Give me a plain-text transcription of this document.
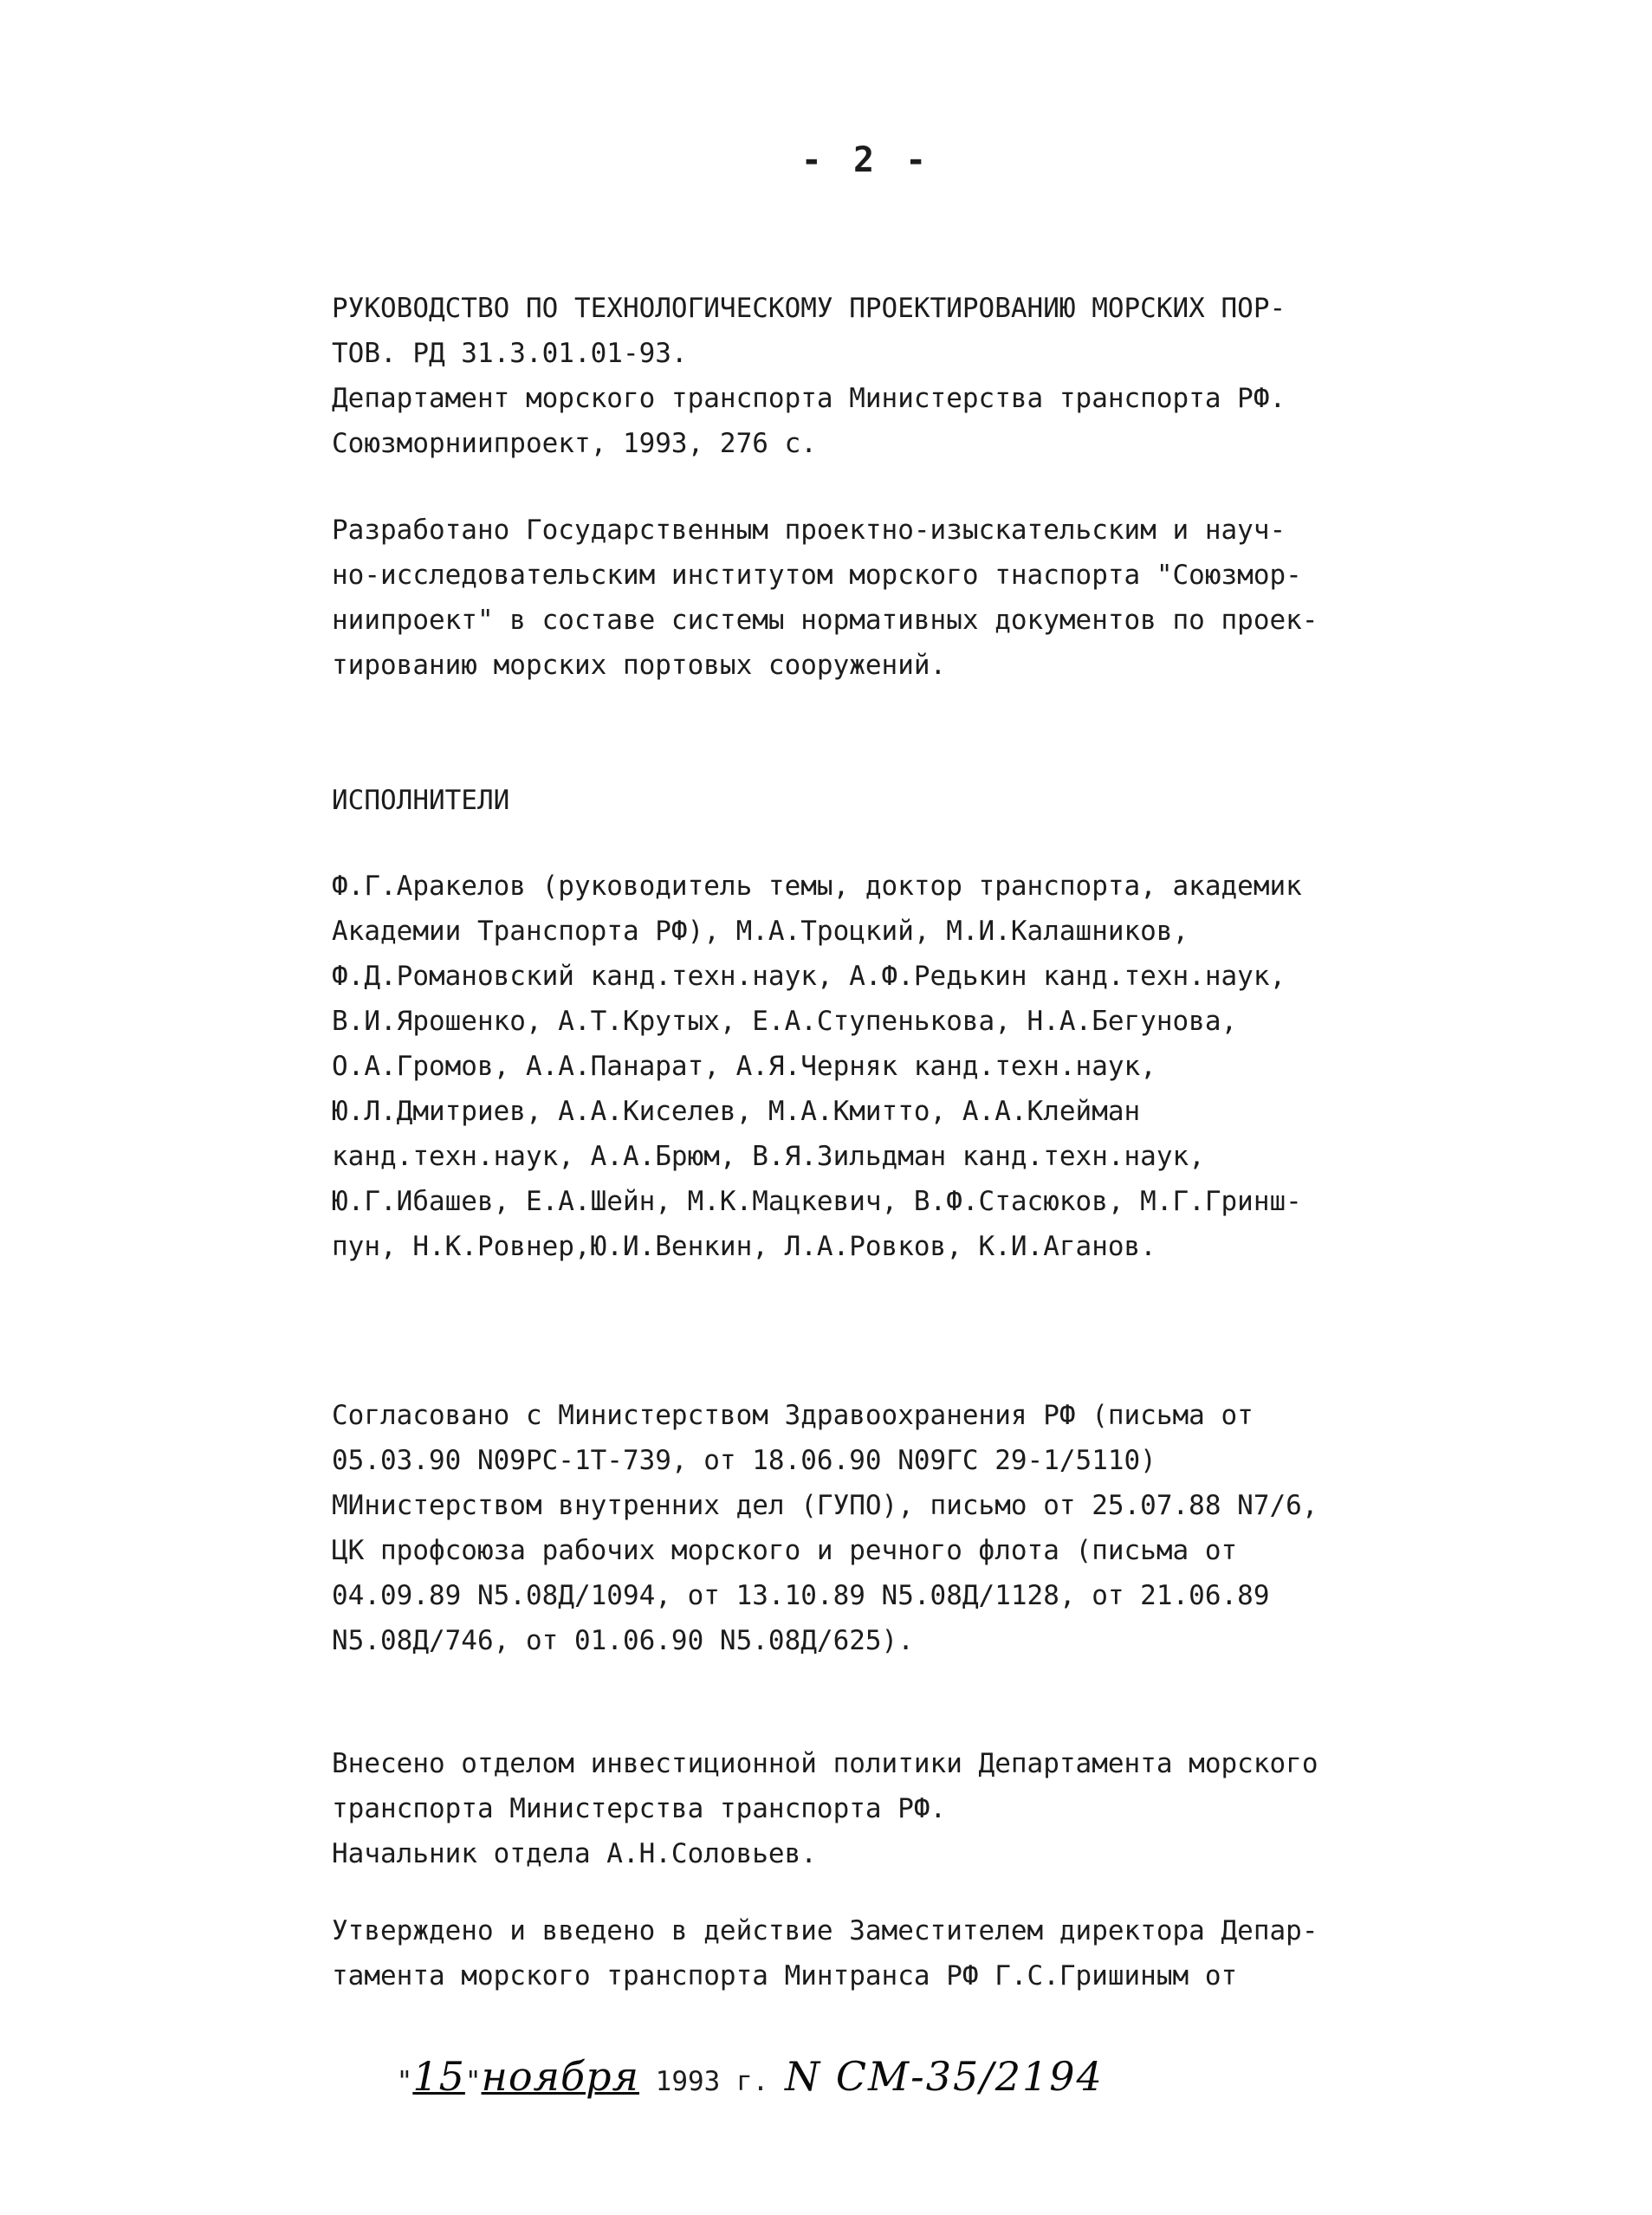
- 2 -
РУКОВОДСТВО ПО ТЕХНОЛОГИЧЕСКОМУ ПРОЕКТИРОВАНИЮ МОРСКИХ ПОР-
ТОВ. РД 31.3.01.01-93.
Департамент морского транспорта Министерства транспорта РФ.
Союзморниипроект, 1993, 276 с.
Разработано Государственным проектно-изыскательским и науч-
но-исследовательским институтом морского тнаспорта "Союзмор-
ниипроект" в составе системы нормативных документов по проек-
тированию морских портовых сооружений.
ИСПОЛНИТЕЛИ
Ф.Г.Аракелов (руководитель темы, доктор транспорта, академик
Академии Транспорта РФ), М.А.Троцкий, М.И.Калашников,
Ф.Д.Романовский канд.техн.наук, А.Ф.Редькин канд.техн.наук,
В.И.Ярошенко, А.Т.Крутых, Е.А.Ступенькова, Н.А.Бегунова,
О.А.Громов, А.А.Панарат, А.Я.Черняк канд.техн.наук,
Ю.Л.Дмитриев, А.А.Киселев, М.А.Кмитто, А.А.Клейман
канд.техн.наук, А.А.Брюм, В.Я.Зильдман канд.техн.наук,
Ю.Г.Ибашев, Е.А.Шейн, М.К.Мацкевич, В.Ф.Стасюков, М.Г.Гринш-
пун, Н.К.Ровнер,Ю.И.Венкин, Л.А.Ровков, К.И.Аганов.
Согласовано с Министерством Здравоохранения РФ (письма от
05.03.90 N09РС-1Т-739, от 18.06.90 N09ГС 29-1/5110)
МИнистерством внутренних дел (ГУПО), письмо от 25.07.88 N7/6,
ЦК профсоюза рабочих морского и речного флота (письма от
04.09.89 N5.08Д/1094, от 13.10.89 N5.08Д/1128, от 21.06.89
N5.08Д/746, от 01.06.90 N5.08Д/625).
Внесено отделом инвестиционной политики Департамента морского
транспорта Министерства транспорта РФ.
Начальник отдела А.Н.Соловьев.
Утверждено и введено в действие Заместителем директора Депар-
тамента морского транспорта Минтранса РФ Г.С.Гришиным от

"15"ноября 1993 г. N СМ-35/2194
